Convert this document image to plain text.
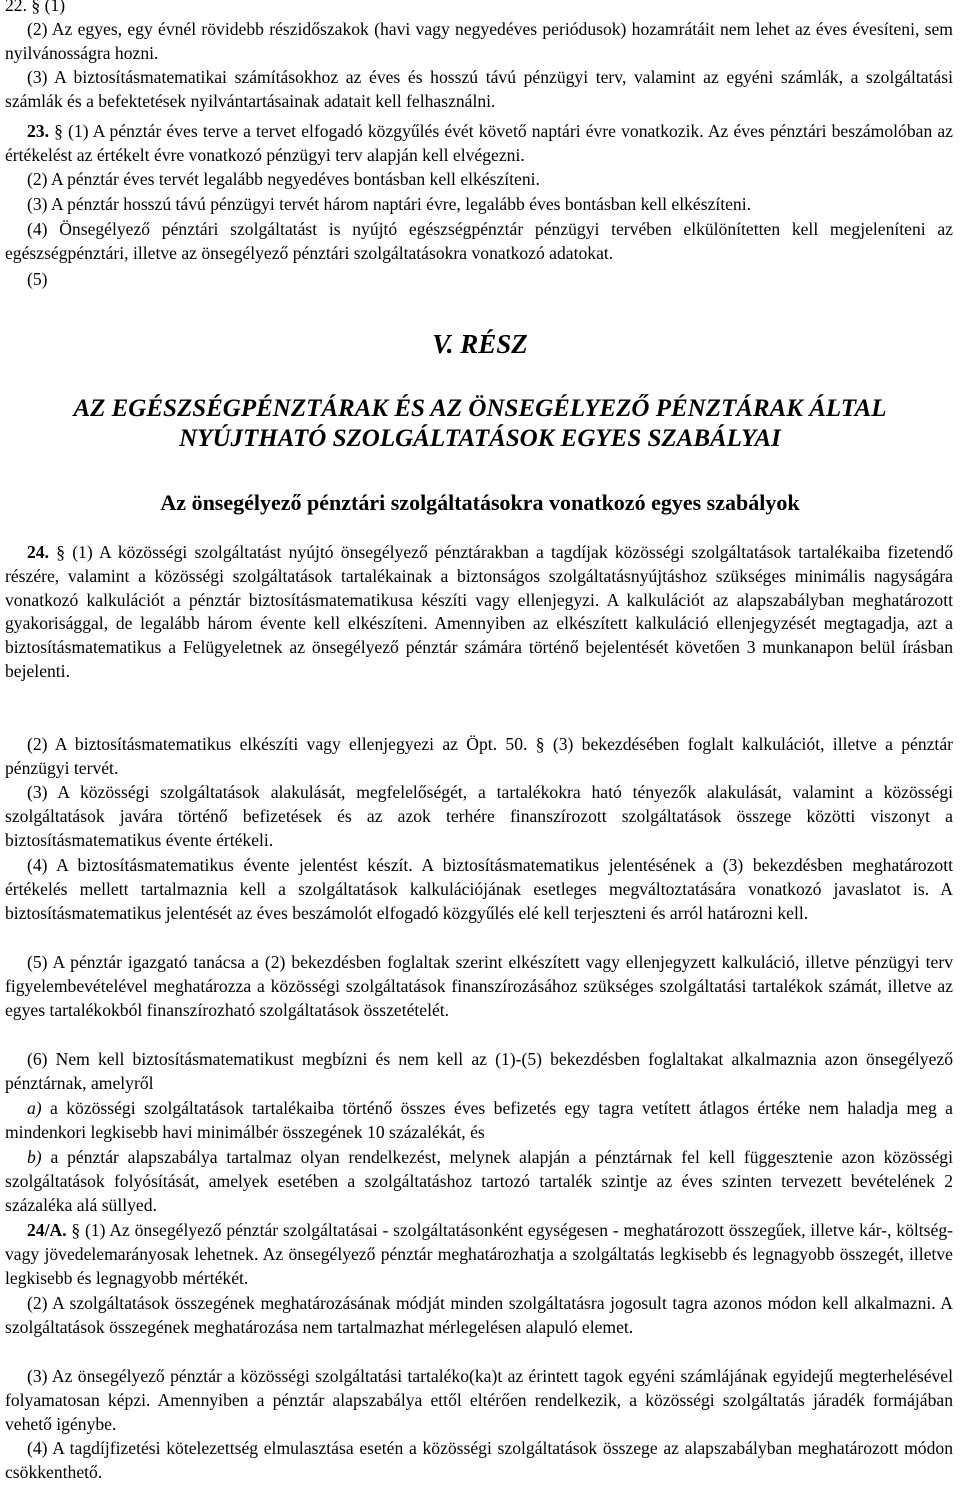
22. § (1)
(2) Az egyes, egy évnél rövidebb részidőszakok (havi vagy negyedéves periódusok) hozamrátáit nem lehet az éves évesíteni, sem nyilvánosságra hozni.
(3) A biztosításmatematikai számításokhoz az éves és hosszú távú pénzügyi terv, valamint az egyéni számlák, a szolgáltatási számlák és a befektetések nyilvántartásainak adatait kell felhasználni.
23. § (1) A pénztár éves terve a tervet elfogadó közgyűlés évét követő naptári évre vonatkozik. Az éves pénztári beszámolóban az értékelést az értékelt évre vonatkozó pénzügyi terv alapján kell elvégezni.
(2) A pénztár éves tervét legalább negyedéves bontásban kell elkészíteni.
(3) A pénztár hosszú távú pénzügyi tervét három naptári évre, legalább éves bontásban kell elkészíteni.
(4) Önsegélyező pénztári szolgáltatást is nyújtó egészségpénztár pénzügyi tervében elkülönítetten kell megjeleníteni az egészségpénztári, illetve az önsegélyező pénztári szolgáltatásokra vonatkozó adatokat.
(5)
V. RÉSZ
AZ EGÉSZSÉGPÉNZTÁRAK ÉS AZ ÖNSEGÉLYEZŐ PÉNZTÁRAK ÁLTAL
NYÚJTHATÓ SZOLGÁLTATÁSOK EGYES SZABÁLYAI
Az önsegélyező pénztári szolgáltatásokra vonatkozó egyes szabályok
24. § (1) A közösségi szolgáltatást nyújtó önsegélyező pénztárakban a tagdíjak közösségi szolgáltatások tartalékaiba fizetendő részére, valamint a közösségi szolgáltatások tartalékainak a biztonságos szolgáltatásnyújtáshoz szükséges minimális nagyságára vonatkozó kalkulációt a pénztár biztosításmatematikusa készíti vagy ellenjegyzi. A kalkulációt az alapszabályban meghatározott gyakorisággal, de legalább három évente kell elkészíteni. Amennyiben az elkészített kalkuláció ellenjegyzését megtagadja, azt a biztosításmatematikus a Felügyeletnek az önsegélyező pénztár számára történő bejelentését követően 3 munkanapon belül írásban bejelenti.
(2) A biztosításmatematikus elkészíti vagy ellenjegyezi az Öpt. 50. § (3) bekezdésében foglalt kalkulációt, illetve a pénztár pénzügyi tervét.
(3) A közösségi szolgáltatások alakulását, megfelelőségét, a tartalékokra ható tényezők alakulását, valamint a közösségi szolgáltatások javára történő befizetések és az azok terhére finanszírozott szolgáltatások összege közötti viszonyt a biztosításmatematikus évente értékeli.
(4) A biztosításmatematikus évente jelentést készít. A biztosításmatematikus jelentésének a (3) bekezdésben meghatározott értékelés mellett tartalmaznia kell a szolgáltatások kalkulációjának esetleges megváltoztatására vonatkozó javaslatot is. A biztosításmatematikus jelentését az éves beszámolót elfogadó közgyűlés elé kell terjeszteni és arról határozni kell.
(5) A pénztár igazgató tanácsa a (2) bekezdésben foglaltak szerint elkészített vagy ellenjegyzett kalkuláció, illetve pénzügyi terv figyelembevételével meghatározza a közösségi szolgáltatások finanszírozásához szükséges szolgáltatási tartalékok számát, illetve az egyes tartalékokból finanszírozható szolgáltatások összetételét.
(6) Nem kell biztosításmatematikust megbízni és nem kell az (1)-(5) bekezdésben foglaltakat alkalmaznia azon önsegélyező pénztárnak, amelyről
a) a közösségi szolgáltatások tartalékaiba történő összes éves befizetés egy tagra vetített átlagos értéke nem haladja meg a mindenkori legkisebb havi minimálbér összegének 10 százalékát, és
b) a pénztár alapszabálya tartalmaz olyan rendelkezést, melynek alapján a pénztárnak fel kell függesztenie azon közösségi szolgáltatások folyósítását, amelyek esetében a szolgáltatáshoz tartozó tartalék szintje az éves szinten tervezett bevételének 2 százaléka alá süllyed.
24/A. § (1) Az önsegélyező pénztár szolgáltatásai - szolgáltatásonként egységesen - meghatározott összegűek, illetve kár-, költség- vagy jövedelemarányosak lehetnek. Az önsegélyező pénztár meghatározhatja a szolgáltatás legkisebb és legnagyobb összegét, illetve legkisebb és legnagyobb mértékét.
(2) A szolgáltatások összegének meghatározásának módját minden szolgáltatásra jogosult tagra azonos módon kell alkalmazni. A szolgáltatások összegének meghatározása nem tartalmazhat mérlegelésen alapuló elemet.
(3) Az önsegélyező pénztár a közösségi szolgáltatási tartaléko(ka)t az érintett tagok egyéni számlájának egyidejű megterhelésével folyamatosan képzi. Amennyiben a pénztár alapszabálya ettől eltérően rendelkezik, a közösségi szolgáltatás járadék formájában vehető igénybe.
(4) A tagdíjfizetési kötelezettség elmulasztása esetén a közösségi szolgáltatások összege az alapszabályban meghatározott módon csökkenthető.
